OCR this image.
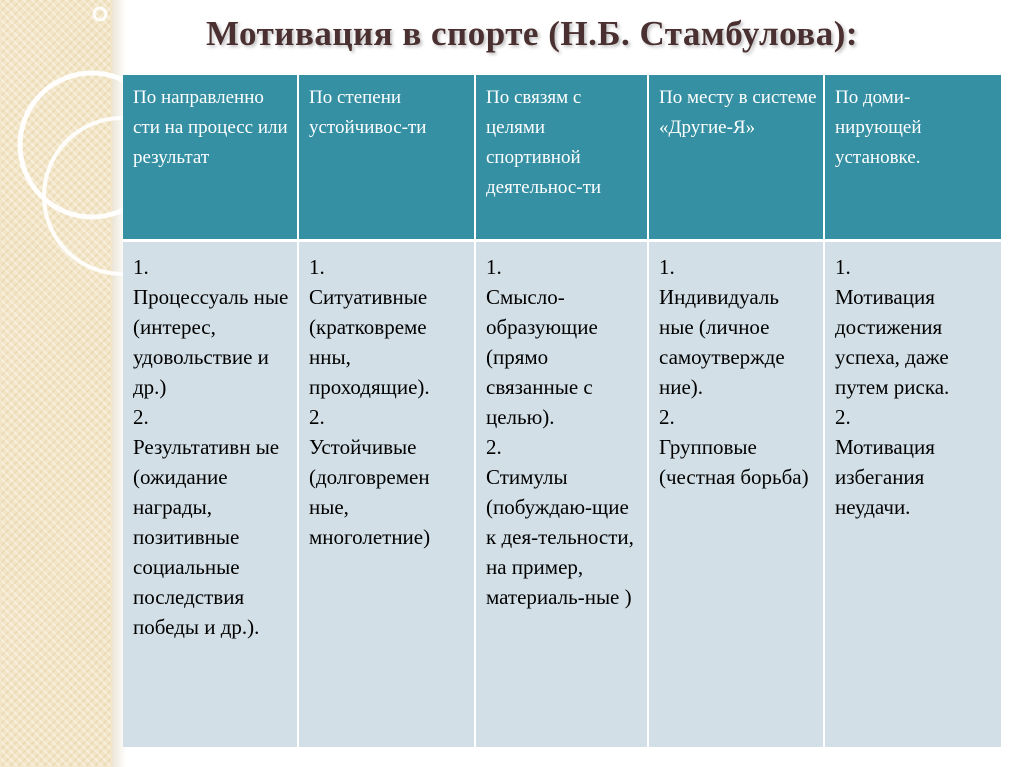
Мотивация в спорте (Н.Б. Стамбулова):
По направленно сти на процесс или результат	По степени устойчивос-ти	По связям с целями спортивной деятельнос-ти	По месту в системе «Другие-Я»	По доми-нирующей установке.
1.
Процессуаль ные (интерес, удовольствие и др.)
2.
Результативн ые (ожидание награды, позитивные социальные последствия победы и др.).	1.
Ситуативные (кратковреме нны, проходящие).
2.
Устойчивые (долговремен ные, многолетние)	1.
Смысло-образующие (прямо связанные с целью).
2.
Стимулы (побуждаю-щие к дея-тельности, на пример, материаль-ные )	1.
Индивидуаль ные (личное самоутвержде ние).
2.
Групповые (честная борьба)	1.
Мотивация достижения успеха, даже путем риска.
2.
Мотивация избегания неудачи.
